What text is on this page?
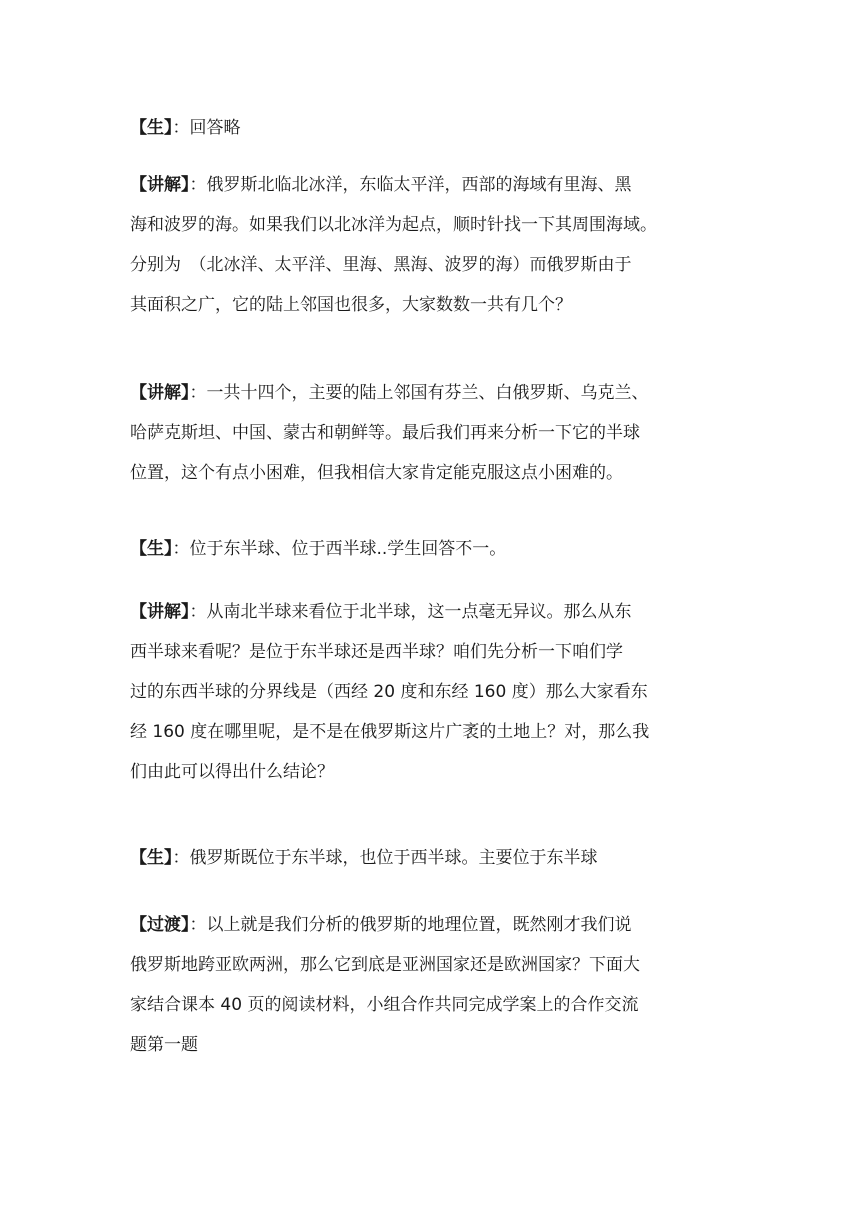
【生】：回答略
【讲解】：俄罗斯北临北冰洋，东临太平洋，西部的海域有里海、黑
海和波罗的海。如果我们以北冰洋为起点，顺时针找一下其周围海域。
分别为　（北冰洋、太平洋、里海、黑海、波罗的海）而俄罗斯由于
其面积之广，它的陆上邻国也很多，大家数数一共有几个？
【讲解】：一共十四个，主要的陆上邻国有芬兰、白俄罗斯、乌克兰、
哈萨克斯坦、中国、蒙古和朝鲜等。最后我们再来分析一下它的半球
位置，这个有点小困难，但我相信大家肯定能克服这点小困难的。
【生】：位于东半球、位于西半球..学生回答不一。
【讲解】：从南北半球来看位于北半球，这一点毫无异议。那么从东
西半球来看呢？是位于东半球还是西半球？咱们先分析一下咱们学
过的东西半球的分界线是（西经 20 度和东经 160 度）那么大家看东
经 160 度在哪里呢，是不是在俄罗斯这片广袤的土地上？对，那么我
们由此可以得出什么结论？
【生】：俄罗斯既位于东半球，也位于西半球。主要位于东半球
【过渡】：以上就是我们分析的俄罗斯的地理位置，既然刚才我们说
俄罗斯地跨亚欧两洲，那么它到底是亚洲国家还是欧洲国家？下面大
家结合课本 40 页的阅读材料，小组合作共同完成学案上的合作交流
题第一题
